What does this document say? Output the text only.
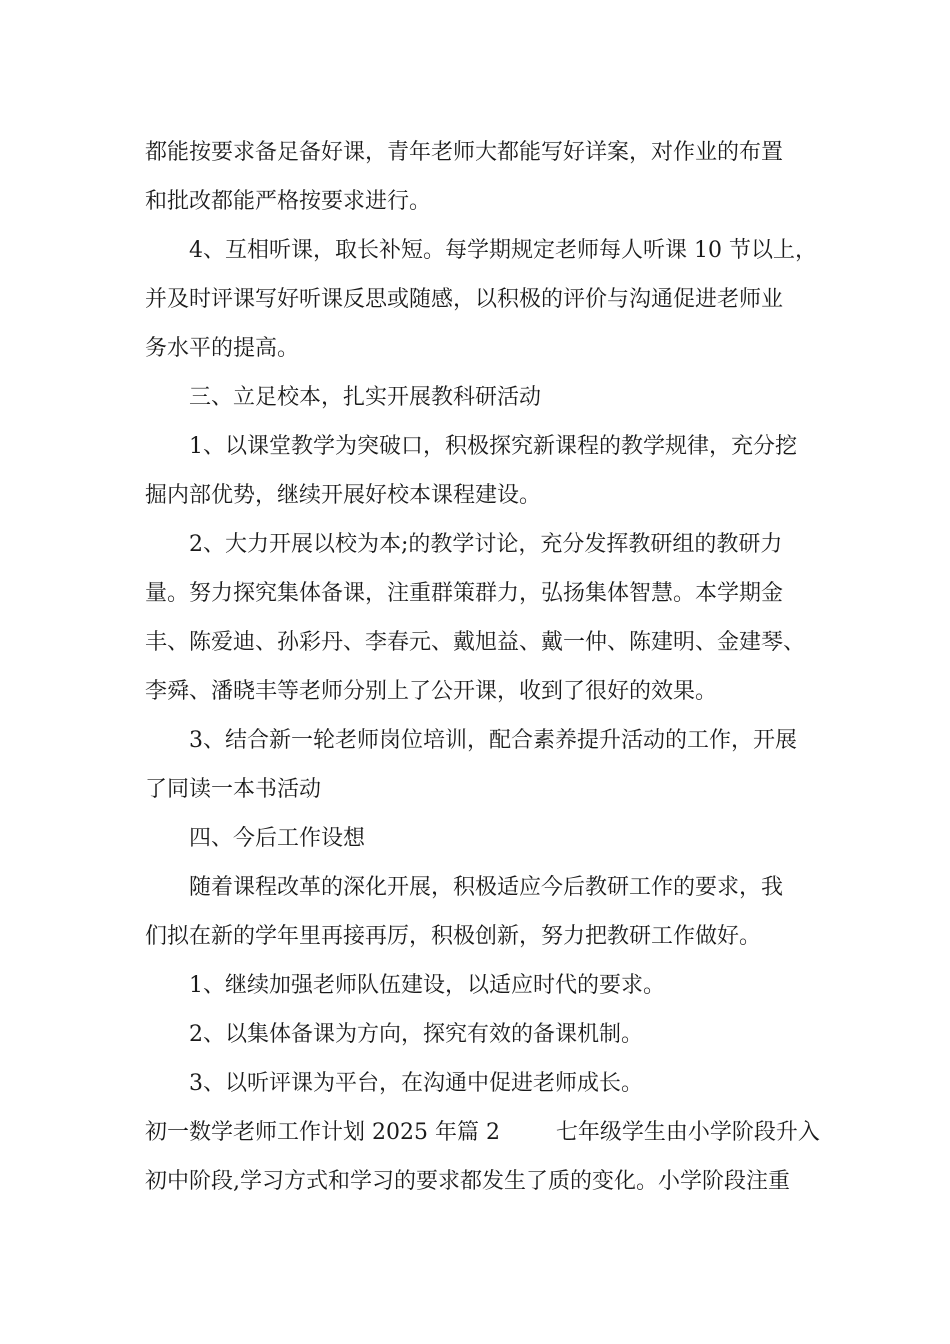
都能按要求备足备好课，青年老师大都能写好详案，对作业的布置
和批改都能严格按要求进行。
4、互相听课，取长补短。每学期规定老师每人听课 10 节以上，
并及时评课写好听课反思或随感，以积极的评价与沟通促进老师业
务水平的提高。
三、立足校本，扎实开展教科研活动
1、以课堂教学为突破口，积极探究新课程的教学规律，充分挖
掘内部优势，继续开展好校本课程建设。
2、大力开展以校为本;的教学讨论，充分发挥教研组的教研力
量。努力探究集体备课，注重群策群力，弘扬集体智慧。本学期金
丰、陈爱迪、孙彩丹、李春元、戴旭益、戴一仲、陈建明、金建琴、
李舜、潘晓丰等老师分别上了公开课，收到了很好的效果。
3、结合新一轮老师岗位培训，配合素养提升活动的工作，开展
了同读一本书活动
四、今后工作设想
随着课程改革的深化开展，积极适应今后教研工作的要求，我
们拟在新的学年里再接再厉，积极创新，努力把教研工作做好。
1、继续加强老师队伍建设，以适应时代的要求。
2、以集体备课为方向，探究有效的备课机制。
3、以听评课为平台，在沟通中促进老师成长。
初一数学老师工作计划 2025 年篇 2        七年级学生由小学阶段升入
初中阶段,学习方式和学习的要求都发生了质的变化。小学阶段注重
